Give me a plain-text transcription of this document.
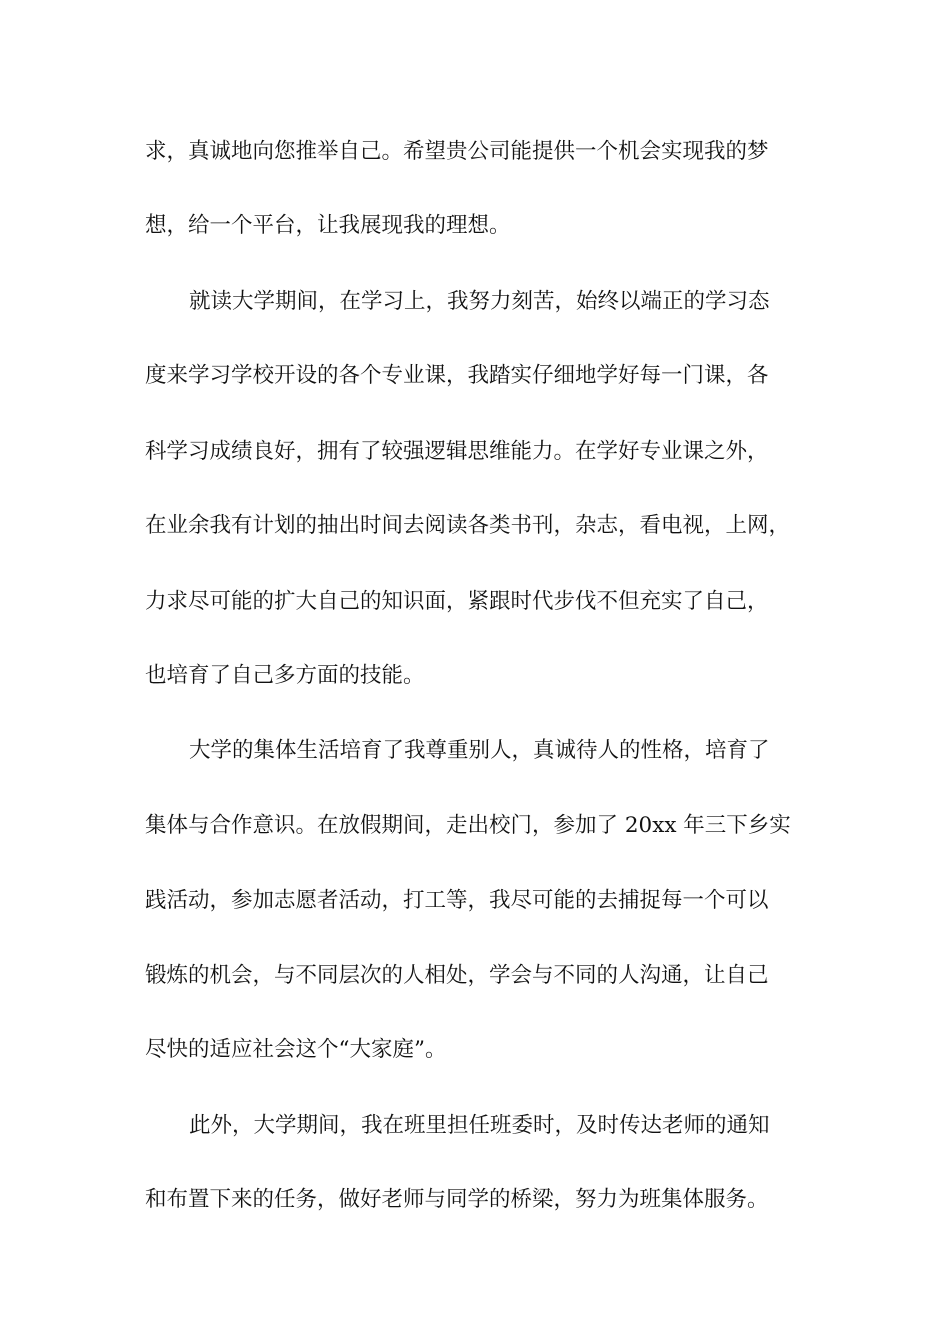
求，真诚地向您推举自己。希望贵公司能提供一个机会实现我的梦
想，给一个平台，让我展现我的理想。
就读大学期间，在学习上，我努力刻苦，始终以端正的学习态
度来学习学校开设的各个专业课，我踏实仔细地学好每一门课，各
科学习成绩良好，拥有了较强逻辑思维能力。在学好专业课之外，
在业余我有计划的抽出时间去阅读各类书刊，杂志，看电视，上网，
力求尽可能的扩大自己的知识面，紧跟时代步伐不但充实了自己，
也培育了自己多方面的技能。
大学的集体生活培育了我尊重别人，真诚待人的性格，培育了
集体与合作意识。在放假期间，走出校门，参加了 20xx 年三下乡实
践活动，参加志愿者活动，打工等，我尽可能的去捕捉每一个可以
锻炼的机会，与不同层次的人相处，学会与不同的人沟通，让自己
尽快的适应社会这个“大家庭”。
此外，大学期间，我在班里担任班委时，及时传达老师的通知
和布置下来的任务，做好老师与同学的桥梁，努力为班集体服务。
